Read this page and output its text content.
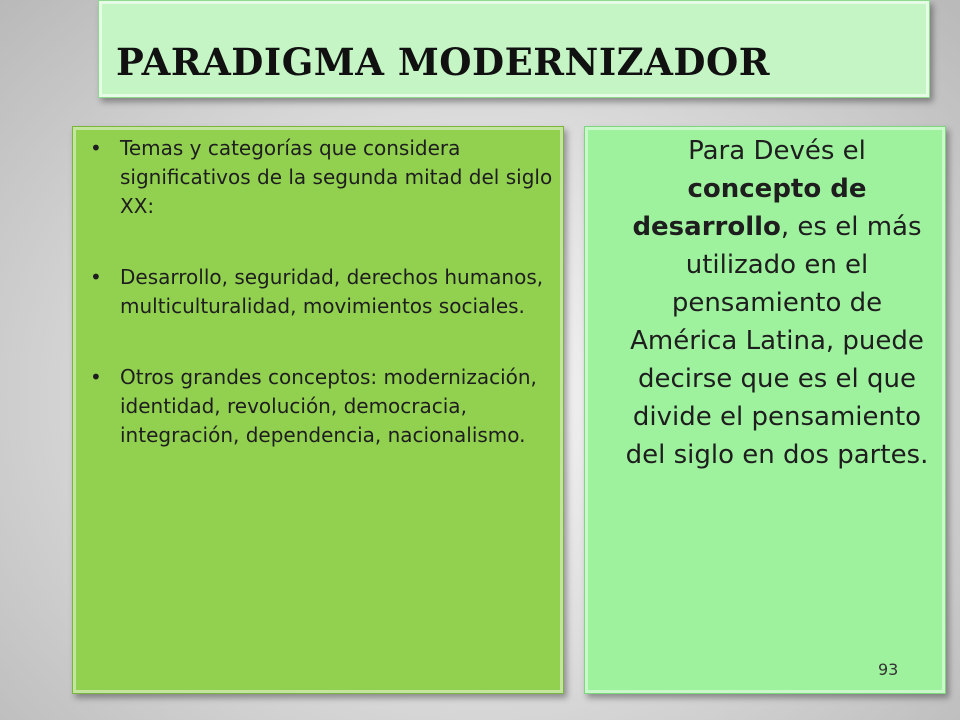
PARADIGMA MODERNIZADOR
• Temas y categorías que considera significativos de la segunda mitad del siglo XX:
• Desarrollo, seguridad, derechos humanos, multiculturalidad, movimientos sociales.
• Otros grandes conceptos: modernización, identidad, revolución, democracia, integración, dependencia, nacionalismo.

Para Devés el concepto de desarrollo, es el más utilizado en el pensamiento de América Latina, puede decirse que es el que divide el pensamiento del siglo en dos partes.

93
